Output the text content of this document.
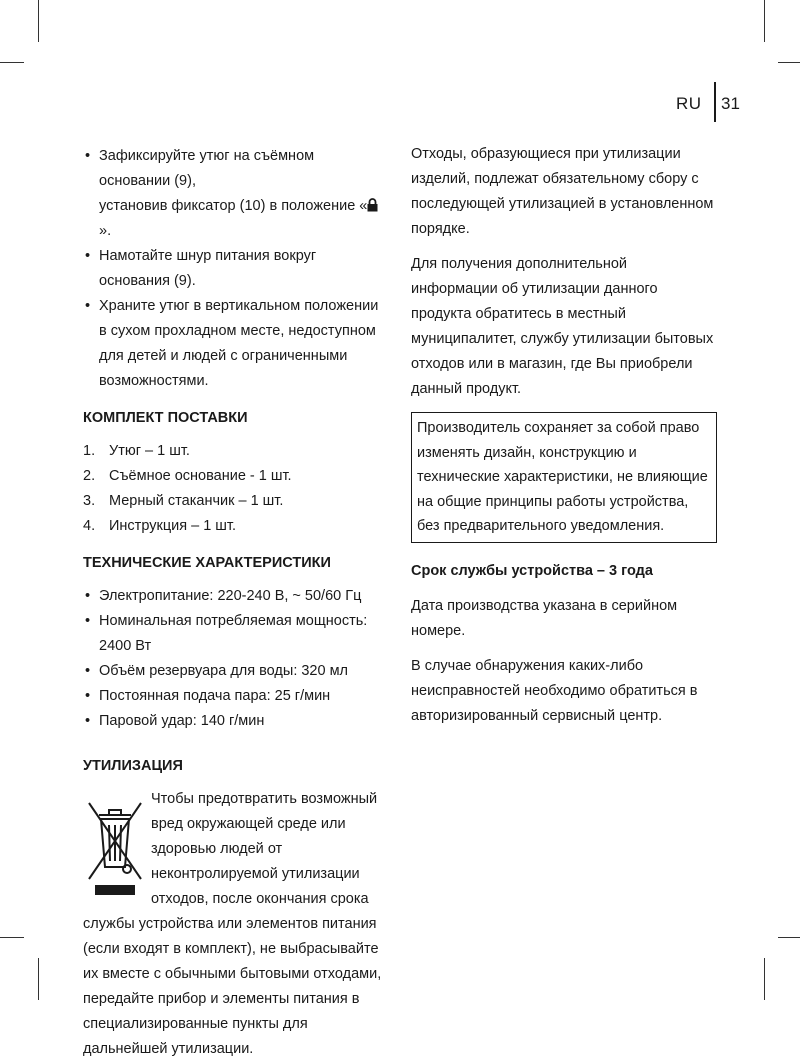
RU 31
• Зафиксируйте утюг на съёмном основании (9),
установив фиксатор (10) в положение «».
• Намотайте шнур питания вокруг основания (9).
• Храните утюг в вертикальном положении в сухом прохладном месте, недоступном для детей и людей с ограниченными возможностями.
КОМПЛЕКТ ПОСТАВКИ
1. Утюг – 1 шт.
2. Съёмное основание - 1 шт.
3. Мерный стаканчик – 1 шт.
4. Инструкция – 1 шт.
ТЕХНИЧЕСКИЕ ХАРАКТЕРИСТИКИ
• Электропитание: 220-240 В, ~ 50/60 Гц
• Номинальная потребляемая мощность: 2400 Вт
• Объём резервуара для воды: 320 мл
• Постоянная подача пара: 25 г/мин
• Паровой удар: 140 г/мин
УТИЛИЗАЦИЯ

Чтобы предотвратить возможный вред окружающей среде или здоровью людей от неконтролируемой утилизации отходов, после окончания срока службы устройства или элементов питания (если входят в комплект), не выбрасывайте их вместе с обычными бытовыми отходами, передайте прибор и элементы питания в специализированные пункты для дальнейшей утилизации.

Отходы, образующиеся при утилизации изделий, подлежат обязательному сбору с последующей утилизацией в установленном порядке.

Для получения дополнительной информации об утилизации данного продукта обратитесь в местный муниципалитет, службу утилизации бытовых отходов или в магазин, где Вы приобрели данный продукт.

Производитель сохраняет за собой право изменять дизайн, конструкцию и технические характеристики, не влияющие на общие принципы работы устройства, без предварительного уведомления.

Срок службы устройства – 3 года

Дата производства указана в серийном номере.

В случае обнаружения каких-либо неисправностей необходимо обратиться в авторизированный сервисный центр.
